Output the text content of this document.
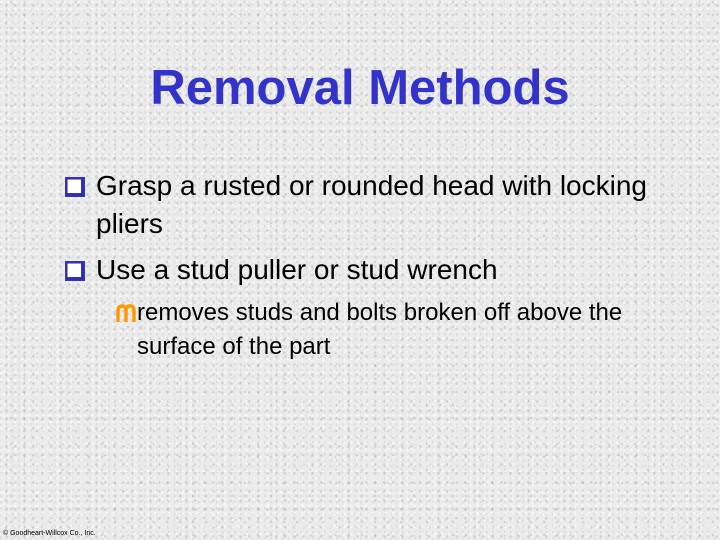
Removal Methods
Grasp a rusted or rounded head with locking pliers
Use a stud puller or stud wrench
removes studs and bolts broken off above the surface of the part
© Goodheart-Willcox Co., Inc.
